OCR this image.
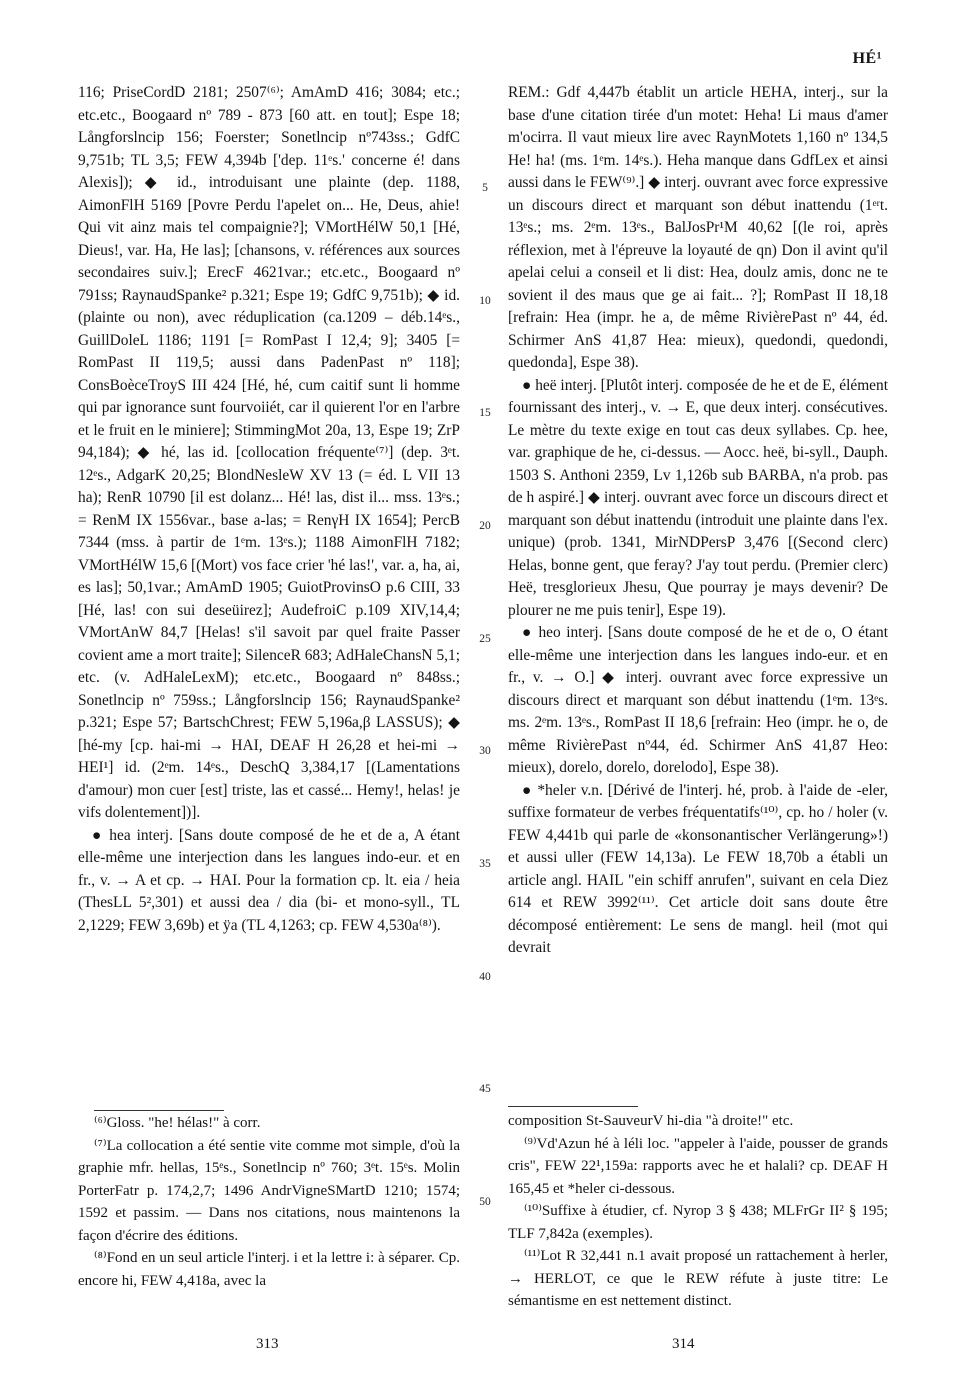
HÉ¹

116; PriseCordD 2181; 2507⁽⁶⁾; AmAmD 416; 3084; etc.; etc.etc., Boogaard nº 789 - 873 [60 att. en tout]; Espe 18; Långforslncip 156; Foerster; Sonetlncip nº743ss.; GdfC 9,751b; TL 3,5; FEW 4,394b ['dep. 11ᵉs.' concerne é! dans Alexis]); ◆ id., introduisant une plainte (dep. 1188, AimonFlH 5169 [Povre Perdu l'apelet on... He, Deus, ahie! Qui vit ainz mais tel compaignie?]; VMortHélW 50,1 [Hé, Dieus!, var. Ha, He las]; [chansons, v. références aux sources secondaires suiv.]; ErecF 4621var.; etc.etc., Boogaard nº 791ss; RaynaudSpanke² p.321; Espe 19; GdfC 9,751b); ◆ id. (plainte ou non), avec réduplication (ca.1209 – déb.14ᵉs., GuillDoleL 1186; 1191 [= RomPast I 12,4; 9]; 3405 [= RomPast II 119,5; aussi dans PadenPast nº 118]; ConsBoèceTroyS III 424 [Hé, hé, cum caitif sunt li homme qui par ignorance sunt fourvoiiét, car il quierent l'or en l'arbre et le fruit en le miniere]; StimmingMot 20a, 13, Espe 19; ZrP 94,184); ◆ hé, las id. [collocation fréquente⁽⁷⁾] (dep. 3ᵉt. 12ᵉs., AdgarK 20,25; BlondNesleW XV 13 (= éd. L VII 13 ha); RenR 10790 [il est dolanz... Hé! las, dist il... mss. 13ᵉs.; = RenM IX 1556var., base a-las; = RenγH IX 1654]; PercB 7344 (mss. à partir de 1ᵉm. 13ᵉs.); 1188 AimonFlH 7182; VMortHélW 15,6 [(Mort) vos face crier 'hé las!', var. a, ha, ai, es las]; 50,1var.; AmAmD 1905; GuiotProvinsO p.6 CIII, 33 [Hé, las! con sui deseüirez]; AudefroiC p.109 XIV,14,4; VMortAnW 84,7 [Helas! s'il savoit par quel fraite Passer covient ame a mort traite]; SilenceR 683; AdHaleChansN 5,1; etc. (v. AdHaleLexM); etc.etc., Boogaard nº 848ss.; Sonetlncip nº 759ss.; Långforslncip 156; RaynaudSpanke² p.321; Espe 57; BartschChrest; FEW 5,196a,β LASSUS); ◆ [hé-my [cp. hai-mi → HAI, DEAF H 26,28 et hei-mi → HEI¹] id. (2ᵉm. 14ᵉs., DeschQ 3,384,17 [(Lamentations d'amour) mon cuer [est] triste, las et cassé... Hemy!, helas! je vifs dolentement])].

● hea interj. [Sans doute composé de he et de a, A étant elle-même une interjection dans les langues indo-eur. et en fr., v. → A et cp. → HAI. Pour la formation cp. lt. eia / heia (ThesLL 5²,301) et aussi dea / dia (bi- et mono-syll., TL 2,1229; FEW 3,69b) et ÿa (TL 4,1263; cp. FEW 4,530a⁽⁸⁾).

5
10
15
20
25
30
35
40
45
50

REM.: Gdf 4,447b établit un article HEHA, interj., sur la base d'une citation tirée d'un motet: Heha! Li maus d'amer m'ocirra. Il vaut mieux lire avec RaynMotets 1,160 nº 134,5 He! ha! (ms. 1ᵉm. 14ᵉs.). Heha manque dans GdfLex et ainsi aussi dans le FEW⁽⁹⁾.] ◆ interj. ouvrant avec force expressive un discours direct et marquant son début inattendu (1ᵉʳt. 13ᵉs.; ms. 2ᵉm. 13ᵉs., BalJosPr¹M 40,62 [(le roi, après réflexion, met à l'épreuve la loyauté de qn) Don il avint qu'il apelai celui a conseil et li dist: Hea, doulz amis, donc ne te sovient il des maus que ge ai fait... ?]; RomPast II 18,18 [refrain: Hea (impr. he a, de même RivièrePast nº 44, éd. Schirmer AnS 41,87 Hea: mieux), quedondi, quedondi, quedonda], Espe 38).

● heë interj. [Plutôt interj. composée de he et de E, élément fournissant des interj., v. → E, que deux interj. consécutives. Le mètre du texte exige en tout cas deux syllabes. Cp. hee, var. graphique de he, ci-dessus. — Aocc. heë, bi-syll., Dauph. 1503 S. Anthoni 2359, Lv 1,126b sub BARBA, n'a prob. pas de h aspiré.] ◆ interj. ouvrant avec force un discours direct et marquant son début inattendu (introduit une plainte dans l'ex. unique) (prob. 1341, MirNDPersP 3,476 [(Second clerc) Helas, bonne gent, que feray? J'ay tout perdu. (Premier clerc) Heë, tresglorieux Jhesu, Que pourray je mays devenir? De plourer ne me puis tenir], Espe 19).

● heo interj. [Sans doute composé de he et de o, O étant elle-même une interjection dans les langues indo-eur. et en fr., v. → O.] ◆ interj. ouvrant avec force expressive un discours direct et marquant son début inattendu (1ᵉm. 13ᵉs. ms. 2ᵉm. 13ᵉs., RomPast II 18,6 [refrain: Heo (impr. he o, de même RivièrePast nº44, éd. Schirmer AnS 41,87 Heo: mieux), dorelo, dorelo, dorelodo], Espe 38).

● *heler v.n. [Dérivé de l'interj. hé, prob. à l'aide de -eler, suffixe formateur de verbes fréquentatifs⁽¹⁰⁾, cp. ho / holer (v. FEW 4,441b qui parle de «konsonantischer Verlängerung»!) et aussi uller (FEW 14,13a). Le FEW 18,70b a établi un article angl. HAIL "ein schiff anrufen", suivant en cela Diez 614 et REW 3992⁽¹¹⁾. Cet article doit sans doute être décomposé entièrement: Le sens de mangl. heil (mot qui devrait

⁽⁶⁾Gloss. "he! hélas!" à corr.

⁽⁷⁾La collocation a été sentie vite comme mot simple, d'où la graphie mfr. hellas, 15ᵉs., Sonetlncip nº 760; 3ᵉt. 15ᵉs. Molin PorterFatr p. 174,2,7; 1496 AndrVigneSMartD 1210; 1574; 1592 et passim. — Dans nos citations, nous maintenons la façon d'écrire des éditions.

⁽⁸⁾Fond en un seul article l'interj. i et la lettre i: à séparer. Cp. encore hi, FEW 4,418a, avec la

composition St-SauveurV hi-dia "à droite!" etc.

⁽⁹⁾Vd'Azun hé à léli loc. "appeler à l'aide, pousser de grands cris", FEW 22¹,159a: rapports avec he et halali? cp. DEAF H 165,45 et *heler ci-dessous.

⁽¹⁰⁾Suffixe à étudier, cf. Nyrop 3 § 438; MLFrGr II² § 195; TLF 7,842a (exemples).

⁽¹¹⁾Lot R 32,441 n.1 avait proposé un rattachement à herler, → HERLOT, ce que le REW réfute à juste titre: Le sémantisme en est nettement distinct.

313	314
